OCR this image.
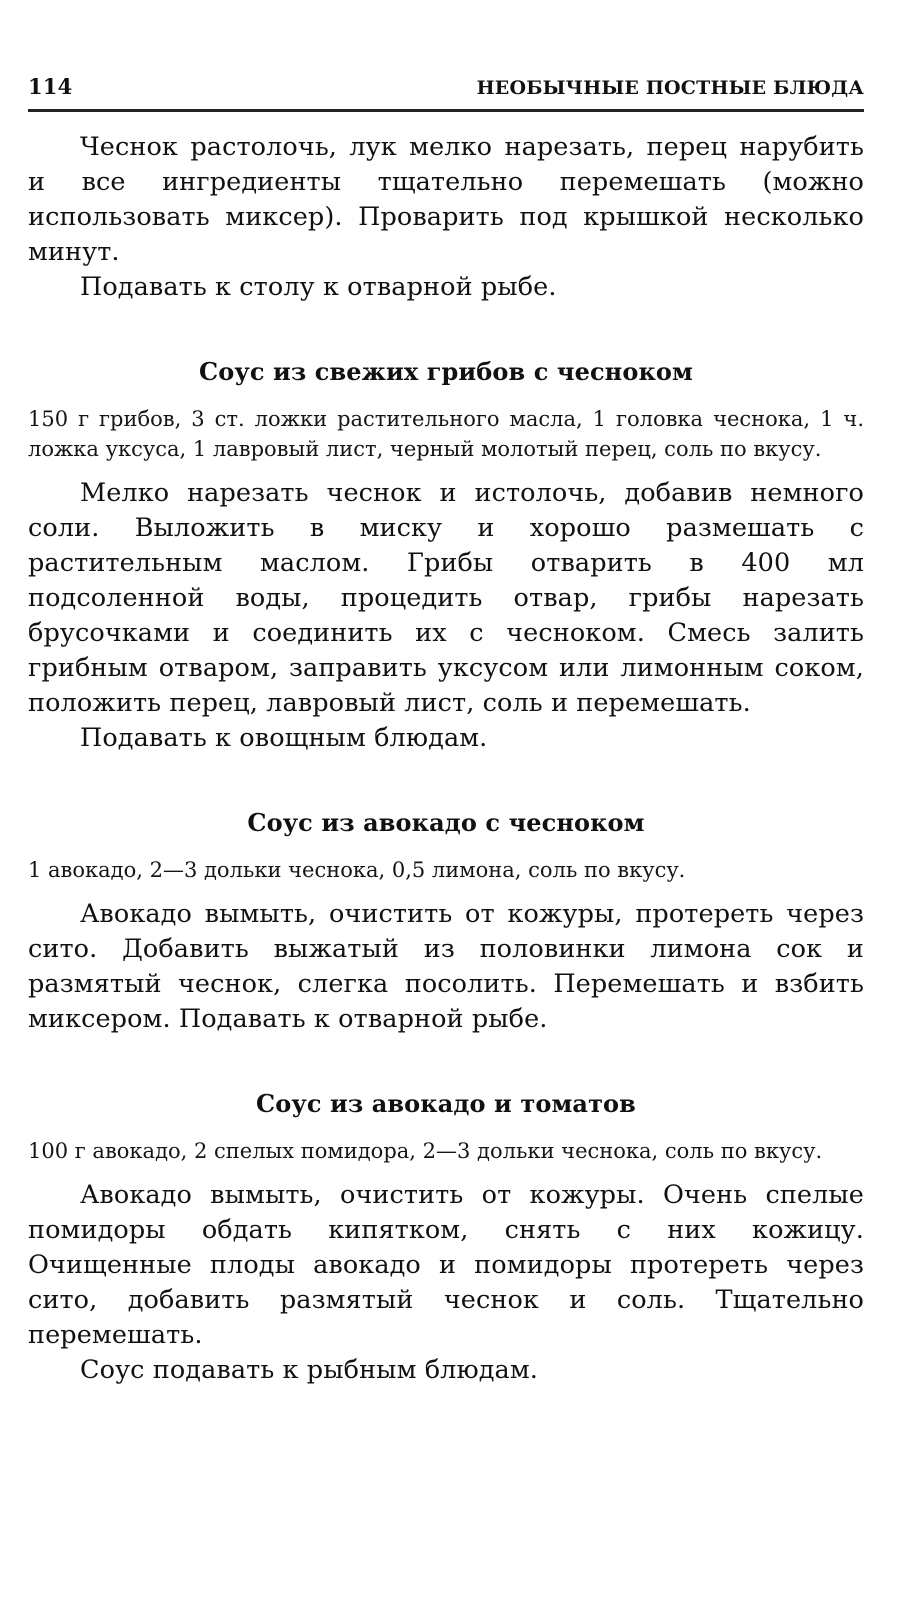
114	НЕОБЫЧНЫЕ ПОСТНЫЕ БЛЮДА

Чеснок растолочь, лук мелко нарезать, перец нарубить и все ингредиенты тщательно перемешать (можно использовать миксер). Проварить под крышкой несколько минут.

Подавать к столу к отварной рыбе.

Соус из свежих грибов с чесноком

150 г грибов, 3 ст. ложки растительного масла, 1 головка чеснока, 1 ч. ложка уксуса, 1 лавровый лист, черный молотый перец, соль по вкусу.

Мелко нарезать чеснок и истолочь, добавив немного соли. Выложить в миску и хорошо размешать с растительным маслом. Грибы отварить в 400 мл подсоленной воды, процедить отвар, грибы нарезать брусочками и соединить их с чесноком. Смесь залить грибным отваром, заправить уксусом или лимонным соком, положить перец, лавровый лист, соль и перемешать.

Подавать к овощным блюдам.

Соус из авокадо с чесноком

1 авокадо, 2—3 дольки чеснока, 0,5 лимона, соль по вкусу.

Авокадо вымыть, очистить от кожуры, протереть через сито. Добавить выжатый из половинки лимона сок и размятый чеснок, слегка посолить. Перемешать и взбить миксером. Подавать к отварной рыбе.

Соус из авокадо и томатов

100 г авокадо, 2 спелых помидора, 2—3 дольки чеснока, соль по вкусу.

Авокадо вымыть, очистить от кожуры. Очень спелые помидоры обдать кипятком, снять с них кожицу. Очищенные плоды авокадо и помидоры протереть через сито, добавить размятый чеснок и соль. Тщательно перемешать.

Соус подавать к рыбным блюдам.
